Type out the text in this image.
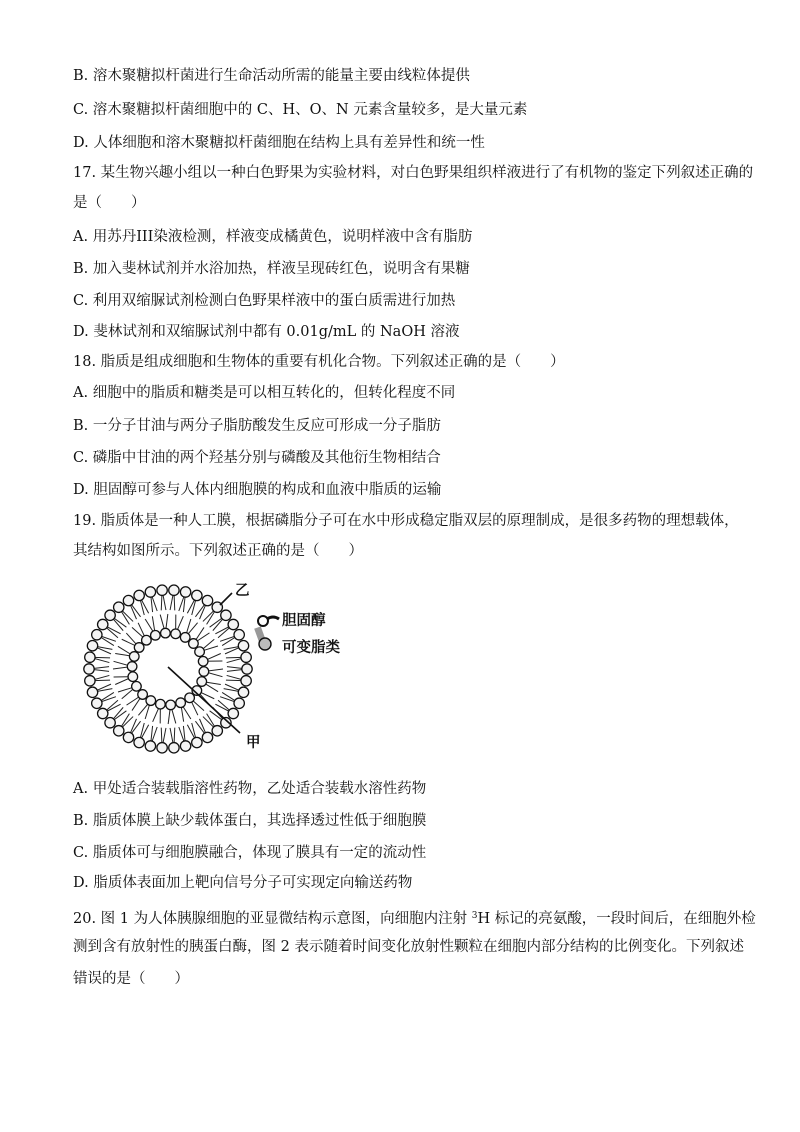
B. 溶木聚糖拟杆菌进行生命活动所需的能量主要由线粒体提供
C. 溶木聚糖拟杆菌细胞中的 C、H、O、N 元素含量较多，是大量元素
D. 人体细胞和溶木聚糖拟杆菌细胞在结构上具有差异性和统一性
17. 某生物兴趣小组以一种白色野果为实验材料，对白色野果组织样液进行了有机物的鉴定下列叙述正确的
是（　　）
A. 用苏丹III染液检测，样液变成橘黄色，说明样液中含有脂肪
B. 加入斐林试剂并水浴加热，样液呈现砖红色，说明含有果糖
C. 利用双缩脲试剂检测白色野果样液中的蛋白质需进行加热
D. 斐林试剂和双缩脲试剂中都有 0.01g/mL 的 NaOH 溶液
18. 脂质是组成细胞和生物体的重要有机化合物。下列叙述正确的是（　　）
A. 细胞中的脂质和糖类是可以相互转化的，但转化程度不同
B. 一分子甘油与两分子脂肪酸发生反应可形成一分子脂肪
C. 磷脂中甘油的两个羟基分别与磷酸及其他衍生物相结合
D. 胆固醇可参与人体内细胞膜的构成和血液中脂质的运输
19. 脂质体是一种人工膜，根据磷脂分子可在水中形成稳定脂双层的原理制成，是很多药物的理想载体，
其结构如图所示。下列叙述正确的是（　　）
乙
胆固醇
可变脂类
甲
A. 甲处适合装载脂溶性药物，乙处适合装载水溶性药物
B. 脂质体膜上缺少载体蛋白，其选择透过性低于细胞膜
C. 脂质体可与细胞膜融合，体现了膜具有一定的流动性
D. 脂质体表面加上靶向信号分子可实现定向输送药物
20. 图 1 为人体胰腺细胞的亚显微结构示意图，向细胞内注射 $^3$H 标记的亮氨酸，一段时间后，在细胞外检
测到含有放射性的胰蛋白酶，图 2 表示随着时间变化放射性颗粒在细胞内部分结构的比例变化。下列叙述
错误的是（　　）
